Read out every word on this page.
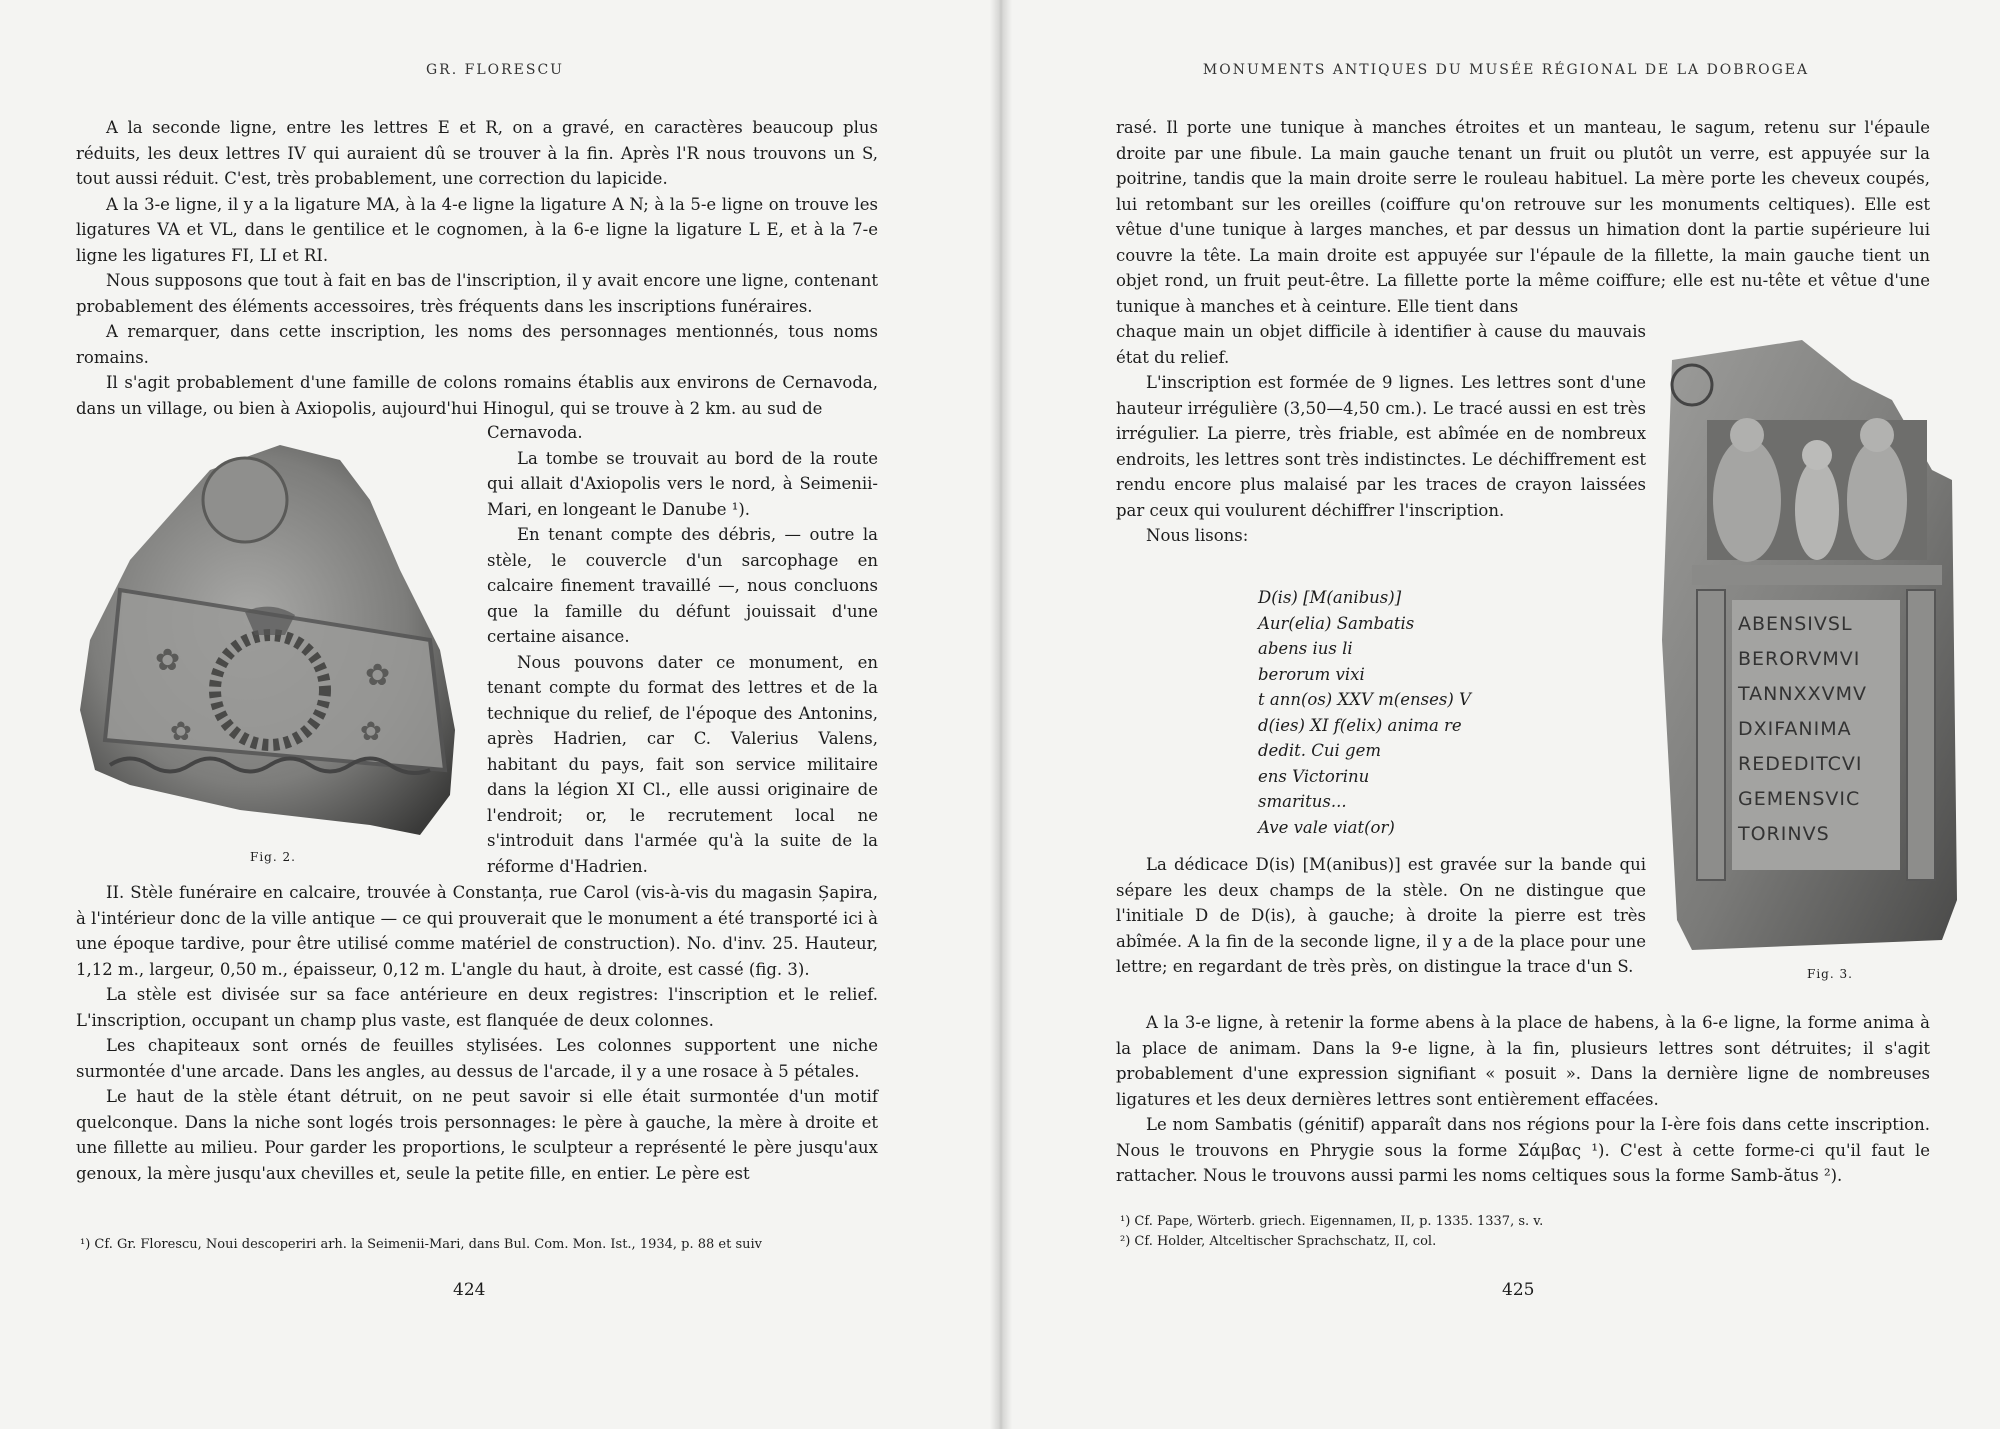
GR. FLORESCU

A la seconde ligne, entre les lettres E et R, on a gravé, en caractères beaucoup plus réduits, les deux lettres IV qui auraient dû se trouver à la fin. Après l'R nous trouvons un S, tout aussi réduit. C'est, très probablement, une correction du lapicide.

A la 3-e ligne, il y a la ligature MA, à la 4-e ligne la ligature A N; à la 5-e ligne on trouve les ligatures VA et VL, dans le gentilice et le cognomen, à la 6-e ligne la ligature L E, et à la 7-e ligne les ligatures FI, LI et RI.

Nous supposons que tout à fait en bas de l'inscription, il y avait encore une ligne, contenant probablement des éléments accessoires, très fréquents dans les inscriptions funéraires.

A remarquer, dans cette inscription, les noms des personnages mentionnés, tous noms romains.

Il s'agit probablement d'une famille de colons romains établis aux environs de Cernavoda, dans un village, ou bien à Axiopolis, aujourd'hui Hinogul, qui se trouve à 2 km. au sud de

✿	✿
✿	✿
Fig. 2.

Cernavoda.

La tombe se trouvait au bord de la route qui allait d'Axiopolis vers le nord, à Seimenii-Mari, en longeant le Danube ¹).

En tenant compte des débris, — outre la stèle, le couvercle d'un sarcophage en calcaire finement travaillé —, nous concluons que la famille du défunt jouissait d'une certaine aisance.

Nous pouvons dater ce monument, en tenant compte du format des lettres et de la technique du relief, de l'époque des Antonins, après Hadrien, car C. Valerius Valens, habitant du pays, fait son service militaire dans la légion XI Cl., elle aussi originaire de l'endroit; or, le recrutement local ne s'introduit dans l'armée qu'à la suite de la réforme d'Hadrien.

II. Stèle funéraire en calcaire, trouvée à Constanța, rue Carol (vis-à-vis du magasin Șapira, à l'intérieur donc de la ville antique — ce qui prouverait que le monument a été transporté ici à une époque tardive, pour être utilisé comme matériel de construction). No. d'inv. 25. Hauteur, 1,12 m., largeur, 0,50 m., épaisseur, 0,12 m. L'angle du haut, à droite, est cassé (fig. 3).

La stèle est divisée sur sa face antérieure en deux registres: l'inscription et le relief. L'inscription, occupant un champ plus vaste, est flanquée de deux colonnes.

Les chapiteaux sont ornés de feuilles stylisées. Les colonnes supportent une niche surmontée d'une arcade. Dans les angles, au dessus de l'arcade, il y a une rosace à 5 pétales.

Le haut de la stèle étant détruit, on ne peut savoir si elle était surmontée d'un motif quelconque. Dans la niche sont logés trois personnages: le père à gauche, la mère à droite et une fillette au milieu. Pour garder les proportions, le sculpteur a représenté le père jusqu'aux genoux, la mère jusqu'aux chevilles et, seule la petite fille, en entier. Le père est

¹) Cf. Gr. Florescu, Noui descoperiri arh. la Seimenii-Mari, dans Bul. Com. Mon. Ist., 1934, p. 88 et suiv

424
MONUMENTS ANTIQUES DU MUSÉE RÉGIONAL DE LA DOBROGEA

rasé. Il porte une tunique à manches étroites et un manteau, le sagum, retenu sur l'épaule droite par une fibule. La main gauche tenant un fruit ou plutôt un verre, est appuyée sur la poitrine, tandis que la main droite serre le rouleau habituel. La mère porte les cheveux coupés, lui retombant sur les oreilles (coiffure qu'on retrouve sur les monuments celtiques). Elle est vêtue d'une tunique à larges manches, et par dessus un himation dont la partie supérieure lui couvre la tête. La main droite est appuyée sur l'épaule de la fillette, la main gauche tient un objet rond, un fruit peut-être. La fillette porte la même coiffure; elle est nu-tête et vêtue d'une tunique à manches et à ceinture. Elle tient dans

chaque main un objet difficile à identifier à cause du mauvais état du relief.

L'inscription est formée de 9 lignes. Les lettres sont d'une hauteur irrégulière (3,50—4,50 cm.). Le tracé aussi en est très irrégulier. La pierre, très friable, est abîmée en de nombreux endroits, les lettres sont très indistinctes. Le déchiffrement est rendu encore plus malaisé par les traces de crayon laissées par ceux qui voulurent déchiffrer l'inscription.

Nous lisons:

D(is) [M(anibus)]
Aur(elia) Sambatis
abens ius li
berorum vixi
t ann(os) XXV m(enses) V
d(ies) XI f(elix) anima re
dedit. Cui gem
ens Victorinu
smaritus...
Ave vale viat(or)

La dédicace D(is) [M(anibus)] est gravée sur la bande qui sépare les deux champs de la stèle. On ne distingue que l'initiale D de D(is), à gauche; à droite la pierre est très abîmée. A la fin de la seconde ligne, il y a de la place pour une lettre; en regardant de très près, on distingue la trace d'un S.

ABENSIVSL
BERORVMVI
TANNXXVMV
DXIFANIMA
REDEDITCVI
GEMENSVIC
TORINVS
Fig. 3.

A la 3-e ligne, à retenir la forme abens à la place de habens, à la 6-e ligne, la forme anima à la place de animam. Dans la 9-e ligne, à la fin, plusieurs lettres sont détruites; il s'agit probablement d'une expression signifiant « posuit ». Dans la dernière ligne de nombreuses ligatures et les deux dernières lettres sont entièrement effacées.

Le nom Sambatis (génitif) apparaît dans nos régions pour la I-ère fois dans cette inscription. Nous le trouvons en Phrygie sous la forme Σάμβας ¹). C'est à cette forme-ci qu'il faut le rattacher. Nous le trouvons aussi parmi les noms celtiques sous la forme Samb-ătus ²).

¹) Cf. Pape, Wörterb. griech. Eigennamen, II, p. 1335. 1337, s. v.

²) Cf. Holder, Altceltischer Sprachschatz, II, col.

425
